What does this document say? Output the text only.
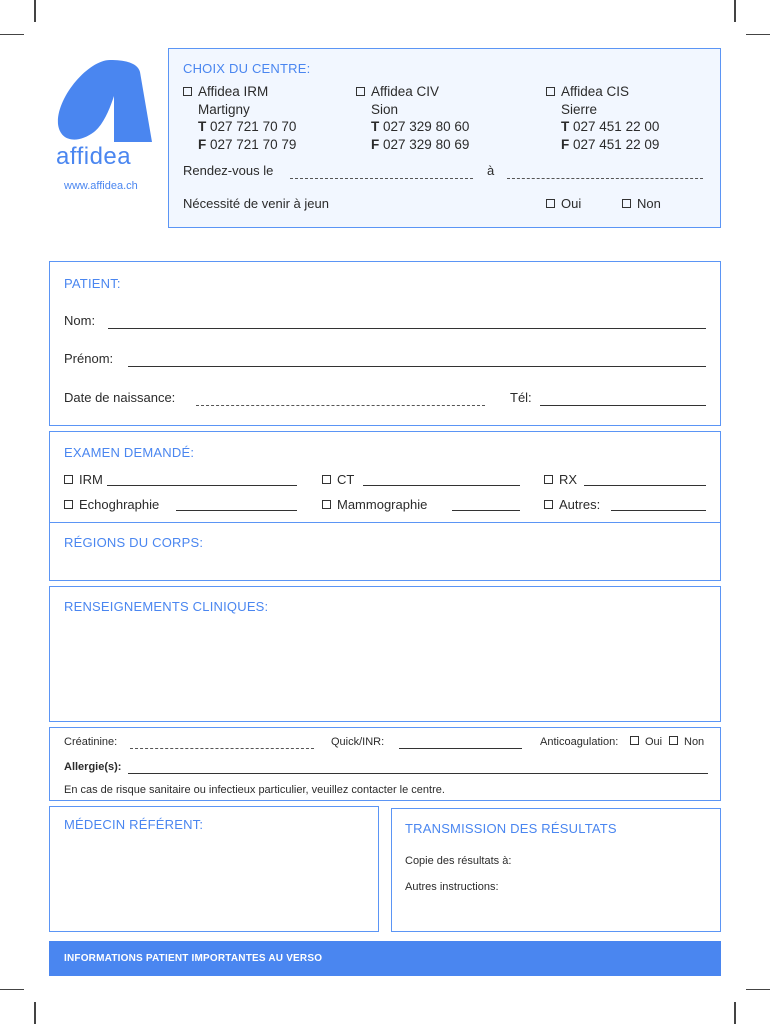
affidea
www.affidea.ch
CHOIX DU CENTRE:
Affidea IRM
Martigny
T 027 721 70 70
F 027 721 70 79
Affidea CIV
Sion
T 027 329 80 60
F 027 329 80 69
Affidea CIS
Sierre
T 027 451 22 00
F 027 451 22 09
Rendez-vous le	à
Nécessité de venir à jeun	Oui	Non
PATIENT:
Nom:
Prénom:
Date de naissance:	Tél:
EXAMEN DEMANDÉ:
IRM	CT	RX
Echoghraphie	Mammographie	Autres:
RÉGIONS DU CORPS:
RENSEIGNEMENTS CLINIQUES:
Créatinine:	Quick/INR:	Anticoagulation:	Oui	Non
Allergie(s):
En cas de risque sanitaire ou infectieux particulier, veuillez contacter le centre.
MÉDECIN RÉFÉRENT:	TRANSMISSION DES RÉSULTATS
Copie des résultats à:
Autres instructions:
INFORMATIONS PATIENT IMPORTANTES AU VERSO
